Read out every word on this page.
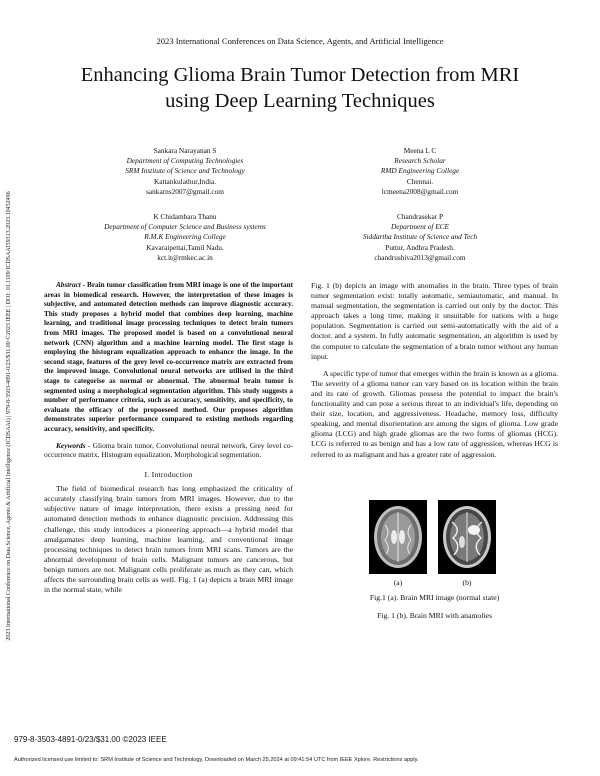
2023 International Conferences on Data Science, Agents, and Artificial Intelligence
Enhancing Glioma Brain Tumor Detection from MRI
using Deep Learning Techniques
2023 International Conference on Data Science, Agents & Artificial Intelligence (ICDSAAI) | 979-8-3503-4891-0/23/$31.00 ©2023 IEEE | DOI: 10.1109/ICDSAAI59313.2023.10452496
Sankara Narayanan S
Department of Computing Technologies
SRM Institute of Science and Technology
Kattankulathur,India.
sankarns2007@gmail.com
Meena L C
Research Scholar
RMD Engineering College
Chennai.
lcmeena2008@gmail.com
K Chidambara Thanu
Department of Computer Science and Business systems
R.M.K Engineering College
Kavaraipettai,Tamil Nadu.
kct.it@rmkec.ac.in
Chandrasekar P
Department of ECE
Siddartha Institute of Science and Tech
Puttur, Andhra Pradesh.
chandrushiva2013@gmail.com

Abstract - Brain tumor classification from MRI image is one of the important areas in biomedical research. However, the interpretation of these images is subjective, and automated detection methods can improve diagnostic accuracy. This study proposes a hybrid model that combines deep learning, machine learning, and traditional image processing techniques to detect brain tumors from MRI images. The proposed model is based on a convolutional neural network (CNN) algorithm and a machine learning model. The first stage is employing the histogram equalization approach to enhance the image. In the second stage, features of the grey level co-occurrence matrix are extracted from the improved image. Convolutional neural networks are utilised in the third stage to categorise as normal or abnormal. The abnormal brain tumor is segmented using a morphological segmentation algorithm. This study suggests a number of performance criteria, such as accuracy, sensitivity, and specificity, to evaluate the efficacy of the propoeseed method. Our proposes algorithm demonstrates superior performance compared to existing methods regarding accuracy, sensitivity, and specificity.

Keywords - Glioma brain tumor, Convolutional neural network, Grey level co-occurrence matrix, Histogram equalization, Morphological segmentation.

I. Introduction

The field of biomedical research has long emphasized the criticality of accurately classifying brain tumors from MRI images. However, due to the subjective nature of image interpretation, there exists a pressing need for automated detection methods to enhance diagnostic precision. Addressing this challenge, this study introduces a pioneering approach—a hybrid model that amalgamates deep learning, machine learning, and conventional image processing techniques to detect brain tumors from MRI scans. Tumors are the abnormal development of brain cells. Malignant tumors are cancerous, but benign tumors are not. Malignant cells proliferate as much as they can, which affects the surrounding brain cells as well. Fig. 1 (a) depicts a brain MRI image in the normal state, while

Fig. 1 (b) depicts an image with anomalies in the brain. Three types of brain tumor segmentation exist: totally automatic, semiautomatic, and manual. In manual segmentation, the segmentation is carried out only by the doctor. This approach takes a long time, making it unsuitable for nations with a huge population. Segmentation is carried out semi-automatically with the aid of a doctor. and a system. In fully automatic segmentation, an algorithm is used by the computer to calculate the segmentation of a brain tumor without any human input.

A specific type of tumor that emerges within the brain is known as a glioma. The severity of a glioma tumor can vary based on its location within the brain and its rate of growth. Gliomas possess the potential to impact the brain's functionality and can pose a serious threat to an individual's life, depending on their size, location, and aggressiveness. Headache, memory loss, difficulty speaking, and mental disorientation are among the signs of glioma. Low grade glioma (LCG) and high grade gliomas are the two forms of gliomas (HCG). LCG is referred to as benign and has a low rate of aggression, whereas HCG is referred to as malignant and has a greater rate of aggression.

(a)	(b)
Fig.1 (a). Brain MRI image (normal state)
Fig. 1 (b). Brain MRI with anamolies
979-8-3503-4891-0/23/$31.00 ©2023 IEEE
Authorized licensed use limited to: SRM Institute of Science and Technology. Downloaded on March 25,2024 at 09:41:54 UTC from IEEE Xplore. Restrictions apply.
